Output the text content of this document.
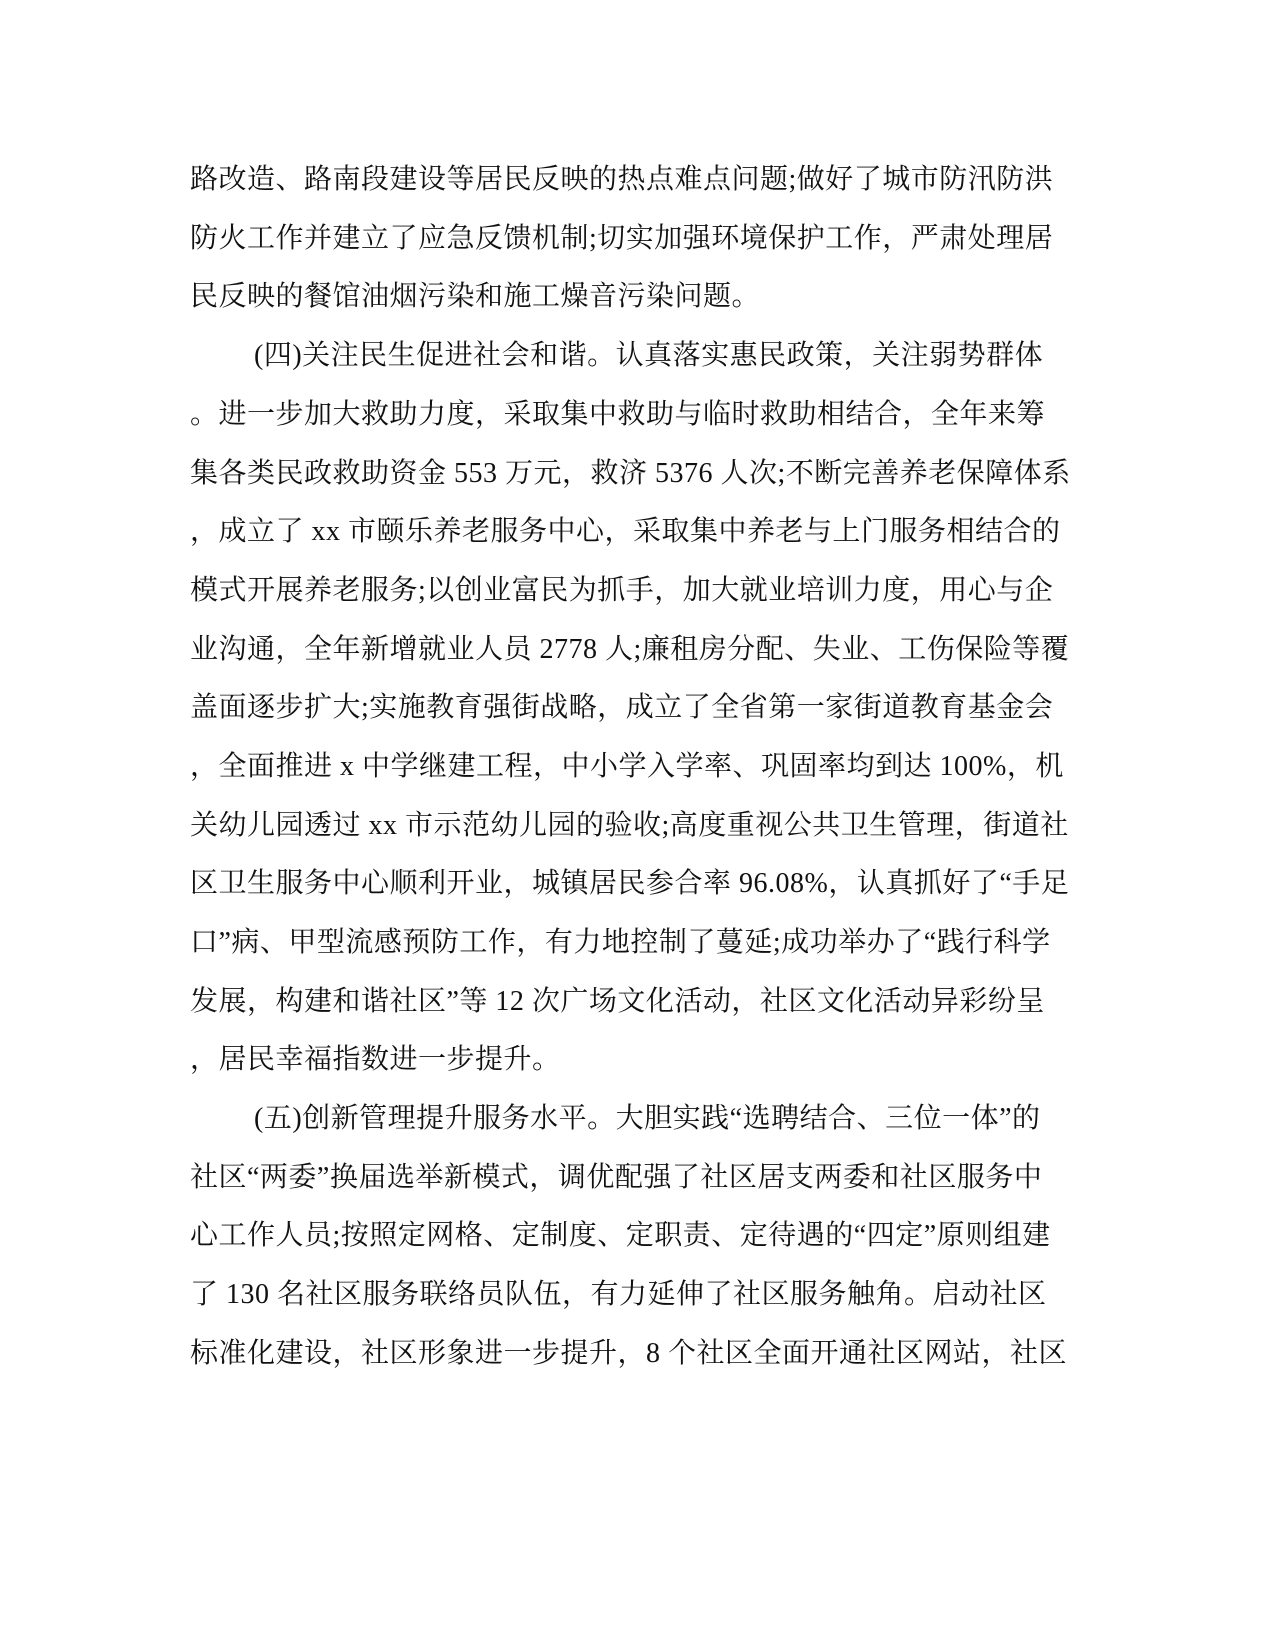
路改造、路南段建设等居民反映的热点难点问题;做好了城市防汛防洪
防火工作并建立了应急反馈机制;切实加强环境保护工作，严肃处理居
民反映的餐馆油烟污染和施工燥音污染问题。
(四)关注民生促进社会和谐。认真落实惠民政策，关注弱势群体
。进一步加大救助力度，采取集中救助与临时救助相结合，全年来筹
集各类民政救助资金 553 万元，救济 5376 人次;不断完善养老保障体系
，成立了 xx 市颐乐养老服务中心，采取集中养老与上门服务相结合的
模式开展养老服务;以创业富民为抓手，加大就业培训力度，用心与企
业沟通，全年新增就业人员 2778 人;廉租房分配、失业、工伤保险等覆
盖面逐步扩大;实施教育强街战略，成立了全省第一家街道教育基金会
，全面推进 x 中学继建工程，中小学入学率、巩固率均到达 100%，机
关幼儿园透过 xx 市示范幼儿园的验收;高度重视公共卫生管理，街道社
区卫生服务中心顺利开业，城镇居民参合率 96.08%，认真抓好了“手足
口”病、甲型流感预防工作，有力地控制了蔓延;成功举办了“践行科学
发展，构建和谐社区”等 12 次广场文化活动，社区文化活动异彩纷呈
，居民幸福指数进一步提升。
(五)创新管理提升服务水平。大胆实践“选聘结合、三位一体”的
社区“两委”换届选举新模式，调优配强了社区居支两委和社区服务中
心工作人员;按照定网格、定制度、定职责、定待遇的“四定”原则组建
了 130 名社区服务联络员队伍，有力延伸了社区服务触角。启动社区
标准化建设，社区形象进一步提升，8 个社区全面开通社区网站，社区
